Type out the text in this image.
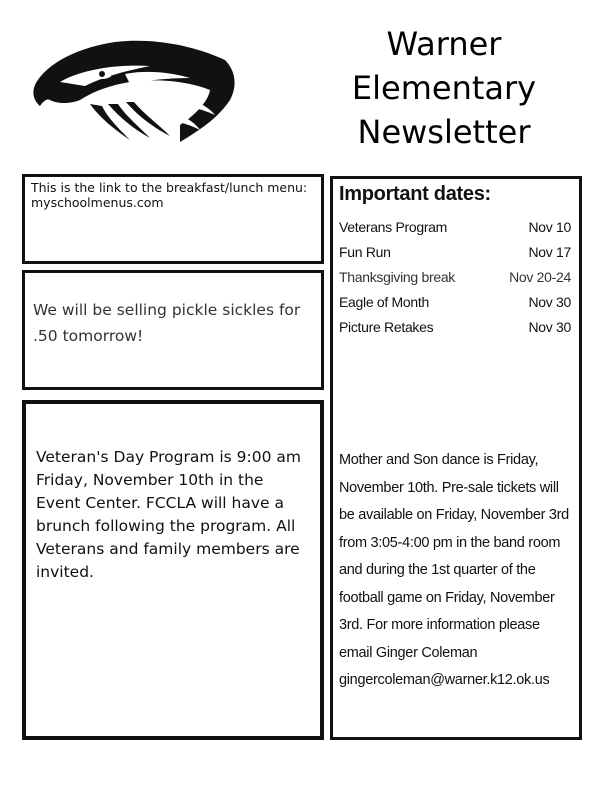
Warner
Elementary
Newsletter
This is the link to the breakfast/lunch menu:
myschoolmenus.com
We will be selling pickle sickles for .50 tomorrow!
Veteran's Day Program is 9:00 am Friday, November 10th in the Event Center. FCCLA will have a brunch following the program. All Veterans and family members are invited.
Important dates:
Veterans Program	Nov 10
Fun Run	Nov 17
Thanksgiving break	Nov 20-24
Eagle of Month	Nov 30
Picture Retakes	Nov 30
Mother and Son dance is Friday, November 10th. Pre-sale tickets will be available on Friday, November 3rd from 3:05-4:00 pm in the band room and during the 1st quarter of the football game on Friday, November 3rd. For more information please email Ginger Coleman gingercoleman@warner.k12.ok.us
